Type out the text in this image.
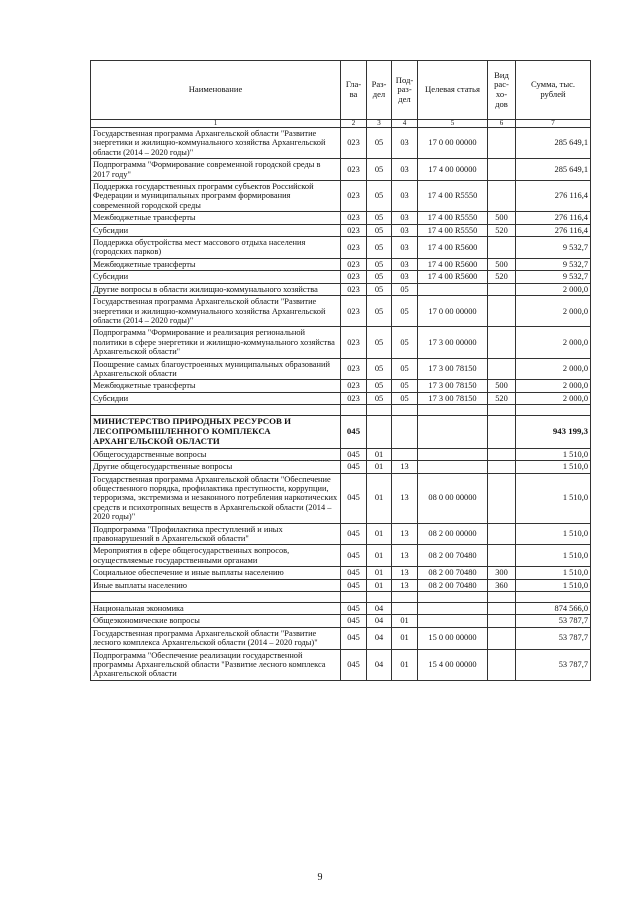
Наименование	Гла-ва	Раз-дел	Под-раз-дел	Целевая статья	Вид рас-хо-дов	Сумма, тыс. рублей
1	2	3	4	5	6	7
Государственная программа Архангельской области "Развитие энергетики и жилищно-коммунального хозяйства Архангельской области (2014 – 2020 годы)"	023	05	03	17 0 00 00000		285 649,1
Подпрограмма "Формирование современной городской среды в 2017 году"	023	05	03	17 4 00 00000		285 649,1
Поддержка государственных программ субъектов Российской Федерации и муниципальных программ формирования современной городской среды	023	05	03	17 4 00 R5550		276 116,4
Межбюджетные трансферты	023	05	03	17 4 00 R5550	500	276 116,4
Субсидии	023	05	03	17 4 00 R5550	520	276 116,4
Поддержка обустройства мест массового отдыха населения (городских парков)	023	05	03	17 4 00 R5600		9 532,7
Межбюджетные трансферты	023	05	03	17 4 00 R5600	500	9 532,7
Субсидии	023	05	03	17 4 00 R5600	520	9 532,7
Другие вопросы в области жилищно-коммунального хозяйства	023	05	05			2 000,0
Государственная программа Архангельской области "Развитие энергетики и жилищно-коммунального хозяйства Архангельской области (2014 – 2020 годы)"	023	05	05	17 0 00 00000		2 000,0
Подпрограмма "Формирование и реализация региональной политики в сфере энергетики и жилищно-коммунального хозяйства Архангельской области"	023	05	05	17 3 00 00000		2 000,0
Поощрение самых благоустроенных муниципальных образований Архангельской области	023	05	05	17 3 00 78150		2 000,0
Межбюджетные трансферты	023	05	05	17 3 00 78150	500	2 000,0
Субсидии	023	05	05	17 3 00 78150	520	2 000,0

МИНИСТЕРСТВО ПРИРОДНЫХ РЕСУРСОВ И ЛЕСОПРОМЫШЛЕННОГО КОМПЛЕКСА АРХАНГЕЛЬСКОЙ ОБЛАСТИ	045					943 199,3
Общегосударственные вопросы	045	01				1 510,0
Другие общегосударственные вопросы	045	01	13			1 510,0
Государственная программа Архангельской области "Обеспечение общественного порядка, профилактика преступности, коррупции, терроризма, экстремизма и незаконного потребления наркотических средств и психотропных веществ в Архангельской области (2014 – 2020 годы)"	045	01	13	08 0 00 00000		1 510,0
Подпрограмма "Профилактика преступлений и иных правонарушений в Архангельской области"	045	01	13	08 2 00 00000		1 510,0
Мероприятия в сфере общегосударственных вопросов, осуществляемые государственными органами	045	01	13	08 2 00 70480		1 510,0
Социальное обеспечение и иные выплаты населению	045	01	13	08 2 00 70480	300	1 510,0
Иные выплаты населению	045	01	13	08 2 00 70480	360	1 510,0

Национальная экономика	045	04				874 566,0
Общеэкономические вопросы	045	04	01			53 787,7
Государственная программа Архангельской области "Развитие лесного комплекса Архангельской области (2014 – 2020 годы)"	045	04	01	15 0 00 00000		53 787,7
Подпрограмма "Обеспечение реализации государственной программы Архангельской области "Развитие лесного комплекса Архангельской области	045	04	01	15 4 00 00000		53 787,7
9
